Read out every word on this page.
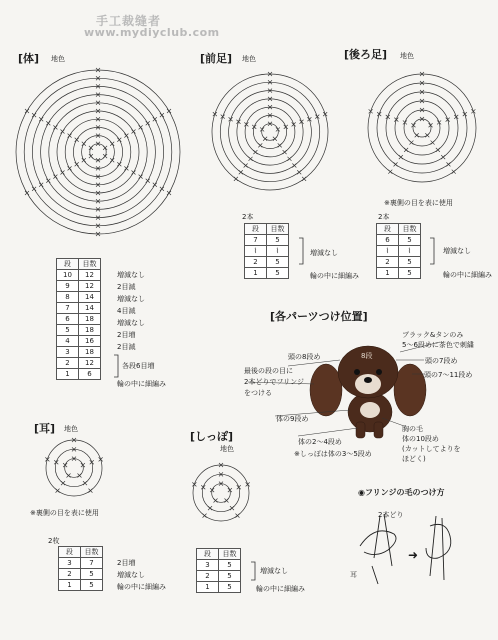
手工裁缝者
www.mydiyclub.com
[体] 地色
段	目数
10	12
9	12
8	14
7	14
6	18
5	18
4	16
3	18
2	12
1	6
増減なし
2目減
増減なし
4目減
増減なし
2目増
2目減
各段6目増
輪の中に細編み
[前足] 地色
2本
段	目数
7	5
⌇	⌇
2	5
1	5
増減なし
輪の中に細編み
[後ろ足] 地色
※裏側の目を表に使用
2本
段	目数
6	5
⌇	⌇
2	5
1	5
増減なし
輪の中に細編み
[各パーツつけ位置]
ブラック&タンのみ
5〜6段めに茶色で刺繍
頭の8段め	頭の7段め
最後の段の目に
2本どりでフリンジ
をつける
頭の7〜11段め
体の9段め
体の2〜4段め
※しっぽは体の3〜5段め
胸の毛
体の10段め
(カットしてよりを
ほどく)
8段
[耳] 地色
※裏側の目を表に使用
2枚
段	目数
3	7
2	5
1	5
2目増
増減なし
輪の中に細編み
[しっぽ]
地色
段	目数
3	5
2	5
1	5
増減なし
輪の中に細編み
◉フリンジの毛のつけ方
2本どり
耳
➜
